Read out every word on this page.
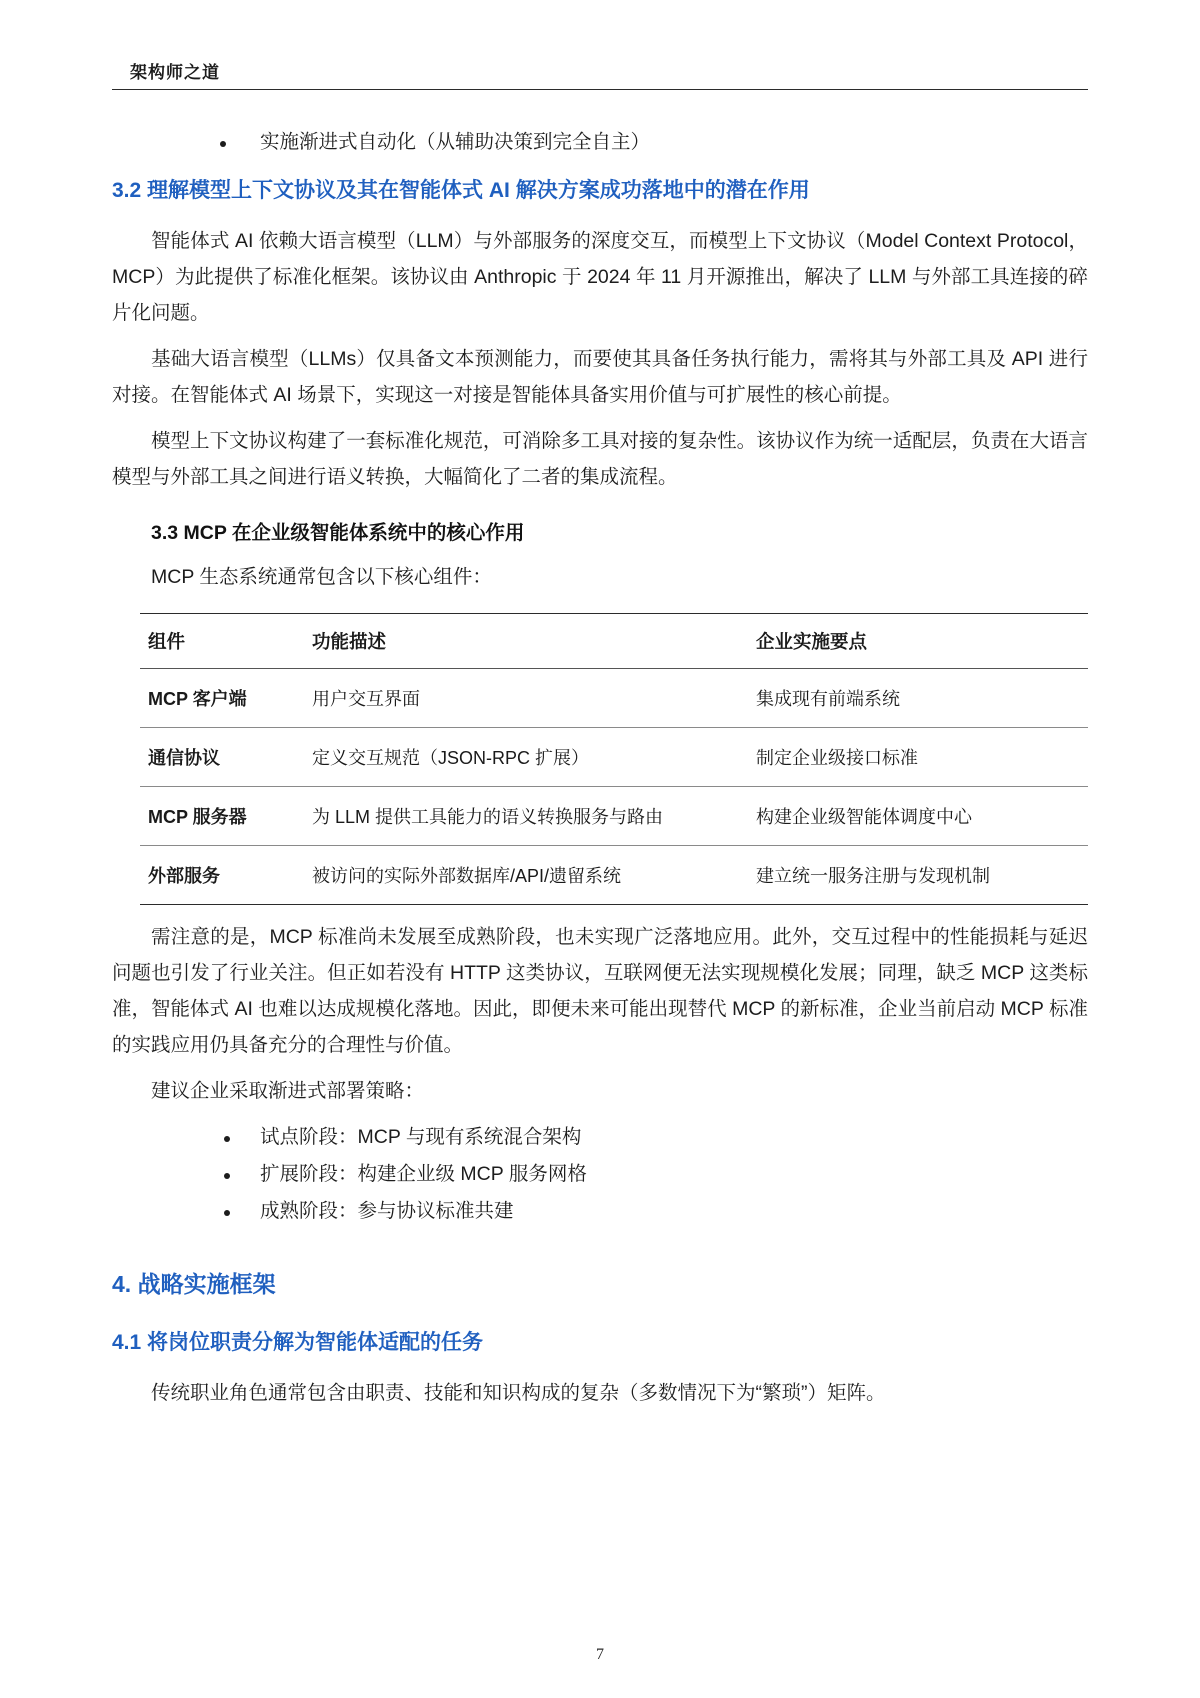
架构师之道
实施渐进式自动化（从辅助决策到完全自主）
3.2 理解模型上下文协议及其在智能体式 AI 解决方案成功落地中的潜在作用

智能体式 AI 依赖大语言模型（LLM）与外部服务的深度交互，而模型上下文协议（Model Context Protocol，MCP）为此提供了标准化框架。该协议由 Anthropic 于 2024 年 11 月开源推出，解决了 LLM 与外部工具连接的碎片化问题。

基础大语言模型（LLMs）仅具备文本预测能力，而要使其具备任务执行能力，需将其与外部工具及 API 进行对接。在智能体式 AI 场景下，实现这一对接是智能体具备实用价值与可扩展性的核心前提。

模型上下文协议构建了一套标准化规范，可消除多工具对接的复杂性。该协议作为统一适配层，负责在大语言模型与外部工具之间进行语义转换，大幅简化了二者的集成流程。

3.3 MCP 在企业级智能体系统中的核心作用

MCP 生态系统通常包含以下核心组件：

组件	功能描述	企业实施要点
MCP 客户端	用户交互界面	集成现有前端系统
通信协议	定义交互规范（JSON-RPC 扩展）	制定企业级接口标准
MCP 服务器	为 LLM 提供工具能力的语义转换服务与路由	构建企业级智能体调度中心
外部服务	被访问的实际外部数据库/API/遗留系统	建立统一服务注册与发现机制

需注意的是，MCP 标准尚未发展至成熟阶段，也未实现广泛落地应用。此外，交互过程中的性能损耗与延迟问题也引发了行业关注。但正如若没有 HTTP 这类协议，互联网便无法实现规模化发展；同理，缺乏 MCP 这类标准，智能体式 AI 也难以达成规模化落地。因此，即便未来可能出现替代 MCP 的新标准，企业当前启动 MCP 标准的实践应用仍具备充分的合理性与价值。

建议企业采取渐进式部署策略：

试点阶段：MCP 与现有系统混合架构
扩展阶段：构建企业级 MCP 服务网格
成熟阶段：参与协议标准共建
4. 战略实施框架
4.1 将岗位职责分解为智能体适配的任务

传统职业角色通常包含由职责、技能和知识构成的复杂（多数情况下为“繁琐”）矩阵。

7
